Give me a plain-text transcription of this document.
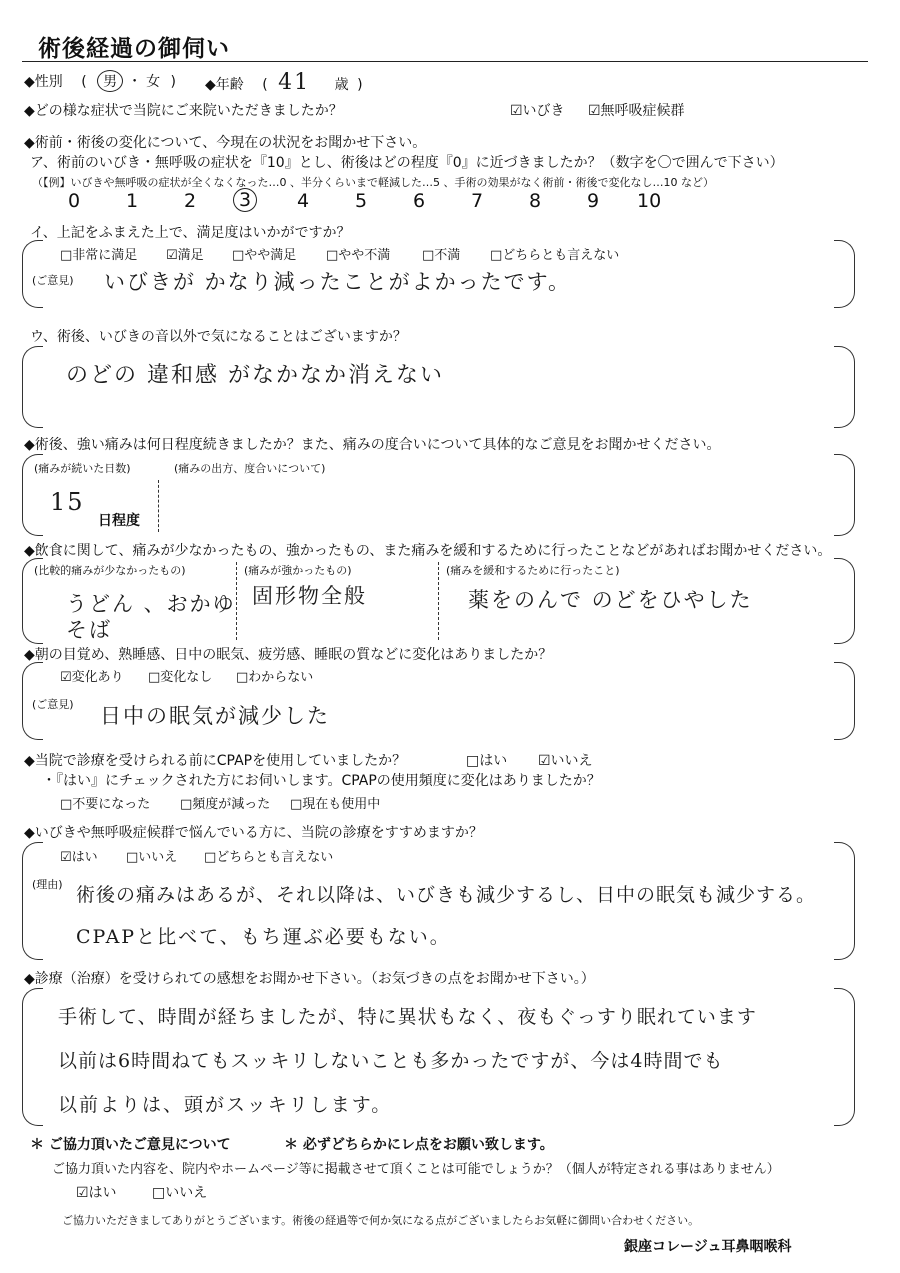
術後経過の御伺い
◆性別 ( 男 ・ 女 ) ◆年齢 ( 41 歳 )
◆どの様な症状で当院にご来院いただきましたか？	☑いびき ☑無呼吸症候群
◆術前・術後の変化について、今現在の状況をお聞かせ下さい。
ア、術前のいびき・無呼吸の症状を『10』とし、術後はどの程度『0』に近づきましたか？（数字を〇で囲んで下さい）
（【例】いびきや無呼吸の症状が全くなくなった…0 、半分くらいまで軽減した…5 、手術の効果がなく術前・術後で変化なし…10 など）
0 1 2	3	4 5 6 7 8 9 10
イ、上記をふまえた上で、満足度はいかがですか？
□非常に満足 ☑満足 □やや満足 □やや不満 □不満 □どちらとも言えない
(ご意見) いびきが かなり減ったことがよかったです。
ウ、術後、いびきの音以外で気になることはございますか？
のどの 違和感 がなかなか消えない
◆術後、強い痛みは何日程度続きましたか？また、痛みの度合いについて具体的なご意見をお聞かせください。
(痛みが続いた日数)	(痛みの出方、度合いについて)
15
日程度
◆飲食に関して、痛みが少なかったもの、強かったもの、また痛みを緩和するために行ったことなどがあればお聞かせください。
(比較的痛みが少なかったもの)	(痛みが強かったもの)	(痛みを緩和するために行ったこと)
うどん 、おかゆ
そば
固形物全般	薬をのんで のどをひやした
◆朝の目覚め、熟睡感、日中の眠気、疲労感、睡眠の質などに変化はありましたか？
☑変化あり □変化なし □わからない
(ご意見) 日中の眠気が減少した
◆当院で診療を受けられる前にCPAPを使用していましたか？	□はい ☑いいえ
・『はい』にチェックされた方にお伺いします。CPAPの使用頻度に変化はありましたか？
□不要になった □頻度が減った □現在も使用中
◆いびきや無呼吸症候群で悩んでいる方に、当院の診療をすすめますか？
☑はい □いいえ □どちらとも言えない
(理由) 術後の痛みはあるが、それ以降は、いびきも減少するし、日中の眠気も減少する。
CPAPと比べて、もち運ぶ必要もない。
◆診療（治療）を受けられての感想をお聞かせ下さい。（お気づきの点をお聞かせ下さい。）
手術して、時間が経ちましたが、特に異状もなく、夜もぐっすり眠れています
以前は6時間ねてもスッキリしないことも多かったですが、今は4時間でも
以前よりは、頭がスッキリします。
＊ ご協力頂いたご意見について	＊ 必ずどちらかにレ点をお願い致します。
ご協力頂いた内容を、院内やホームページ等に掲載させて頂くことは可能でしょうか？（個人が特定される事はありません）
☑はい	□いいえ
ご協力いただきましてありがとうございます。術後の経過等で何か気になる点がございましたらお気軽に御問い合わせください。
銀座コレージュ耳鼻咽喉科
